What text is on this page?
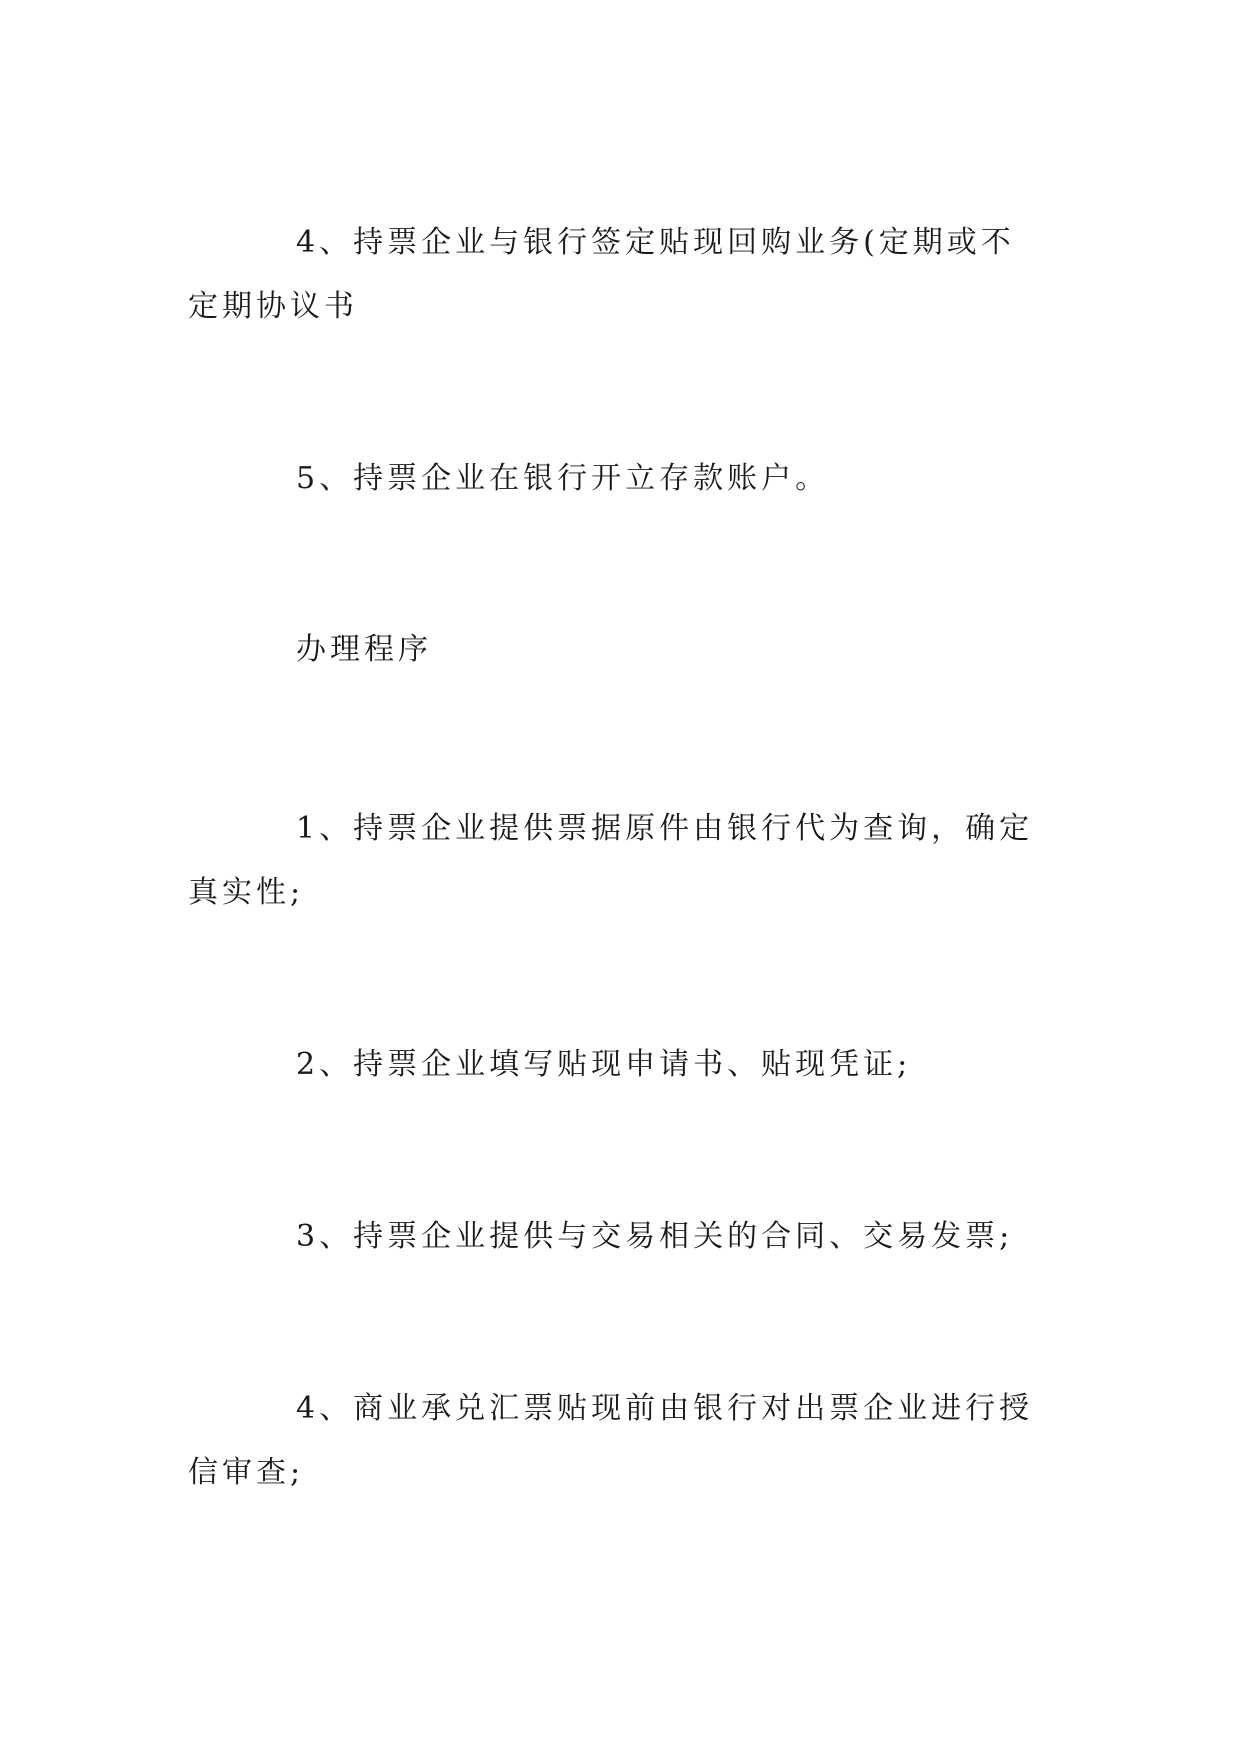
4、持票企业与银行签定贴现回购业务(定期或不定期协议书

5、持票企业在银行开立存款账户。

办理程序

1、持票企业提供票据原件由银行代为查询，确定真实性;

2、持票企业填写贴现申请书、贴现凭证;

3、持票企业提供与交易相关的合同、交易发票;

4、商业承兑汇票贴现前由银行对出票企业进行授信审查;
